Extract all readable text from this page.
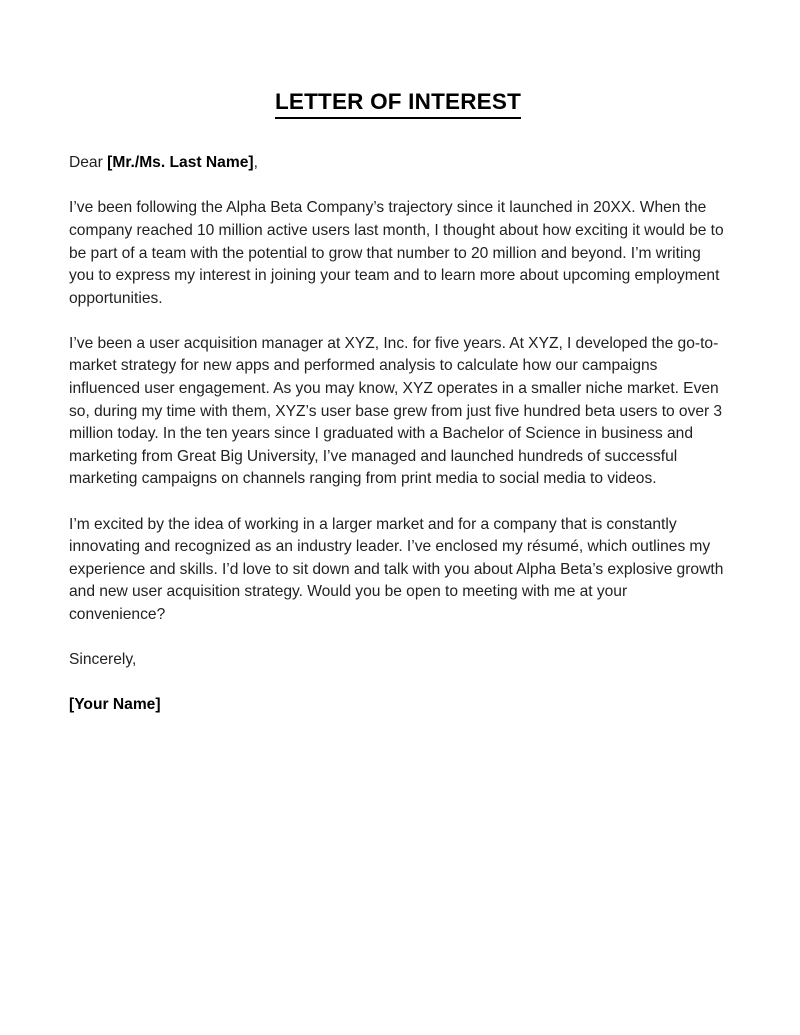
LETTER OF INTEREST

Dear [Mr./Ms. Last Name],

I’ve been following the Alpha Beta Company’s trajectory since it launched in 20XX. When the company reached 10 million active users last month, I thought about how exciting it would be to be part of a team with the potential to grow that number to 20 million and beyond. I’m writing you to express my interest in joining your team and to learn more about upcoming employment opportunities.

I’ve been a user acquisition manager at XYZ, Inc. for five years. At XYZ, I developed the go-to-market strategy for new apps and performed analysis to calculate how our campaigns influenced user engagement. As you may know, XYZ operates in a smaller niche market. Even so, during my time with them, XYZ’s user base grew from just five hundred beta users to over 3 million today. In the ten years since I graduated with a Bachelor of Science in business and marketing from Great Big University, I’ve managed and launched hundreds of successful marketing campaigns on channels ranging from print media to social media to videos.

I’m excited by the idea of working in a larger market and for a company that is constantly innovating and recognized as an industry leader. I’ve enclosed my résumé, which outlines my experience and skills. I’d love to sit down and talk with you about Alpha Beta’s explosive growth and new user acquisition strategy. Would you be open to meeting with me at your convenience?

Sincerely,

[Your Name]
